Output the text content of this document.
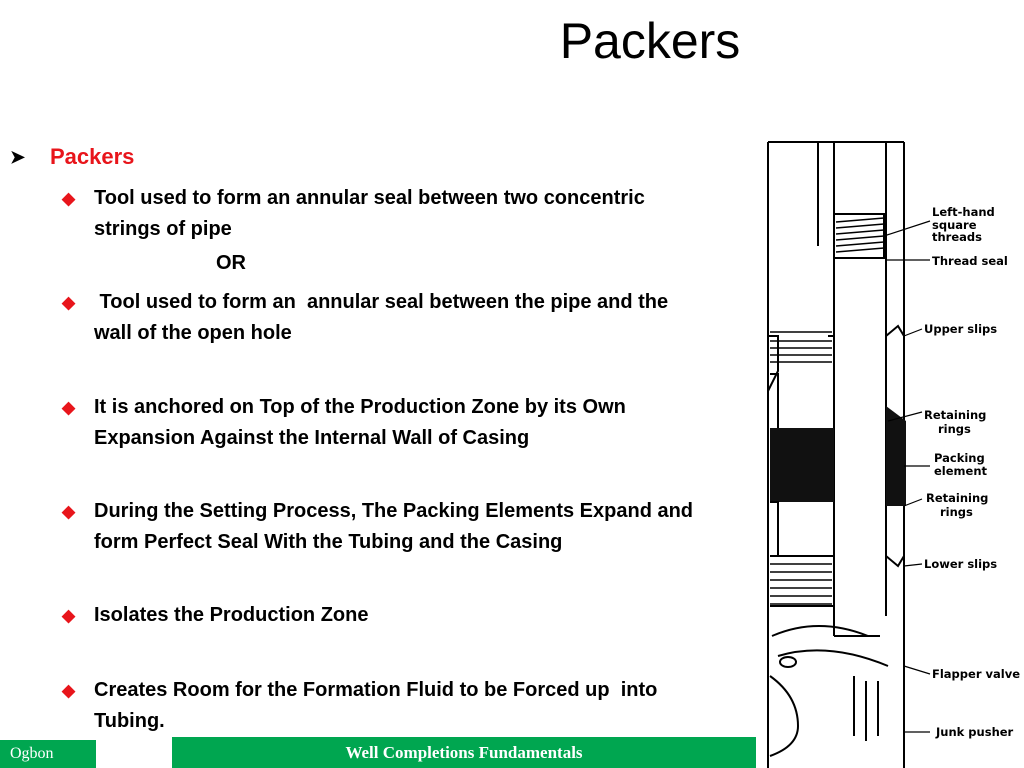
Packers
➤	Packers
◆ Tool used to form an annular seal between two concentric
strings of pipe
OR
◆ Tool used to form an  annular seal between the pipe and the
wall of the open hole
◆ It is anchored on Top of the Production Zone by its Own
Expansion Against the Internal Wall of Casing
◆ During the Setting Process, The Packing Elements Expand and
form Perfect Seal With the Tubing and the Casing
◆ Isolates the Production Zone
◆ Creates Room for the Formation Fluid to be Forced up  into
Tubing.
Left-hand
square
threads
Thread seal
Upper slips
Retaining
rings
Packing
element
Retaining
rings
Lower slips
Flapper valve
Junk pusher
Ogbon	Well Completions Fundamentals
